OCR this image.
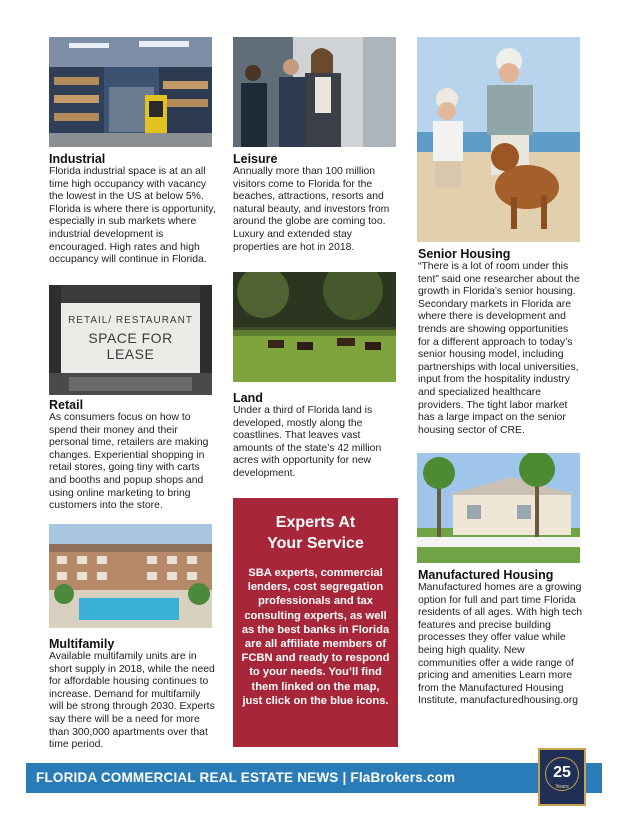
RETAIL/ RESTAURANT
SPACE FOR LEASE

Industrial

Florida industrial space is at an all time high occupancy with vacancy the lowest in the US at below 5%. Florida is where there is opportunity, especially in sub markets where industrial development is encouraged. High rates and high occupancy will continue in Florida.

Leisure

Annually more than 100 million visitors come to Florida for the beaches, attractions, resorts and natural beauty, and investors from around the globe are coming too. Luxury and extended stay properties are hot in 2018.	Senior Housing

“There is a lot of room under this tent” said one researcher about the growth in Florida’s senior housing. Secondary markets in Florida are where there is development and trends are showing opportunities for a different approach to today’s senior housing model, including partnerships with local universities, input from the hospitality industry and specialized healthcare providers. The tight labor market has a large impact on the senior housing sector of CRE.

Retail

As consumers focus on how to spend their money and their personal time, retailers are making changes. Experiential shopping in retail stores, going tiny with carts and booths and popup shops and using online marketing to bring customers into the store.

Land

Under a third of Florida land is developed, mostly along the coastlines. That leaves vast amounts of the state’s 42 million acres with opportunity for new development.

Manufactured Housing

Manufactured homes are a growing option for full and part time Florida residents of all ages. With high tech features and precise building processes they offer value while being high quality. New communities offer a wide range of pricing and amenities Learn more from the Manufactured Housing Institute, manufacturedhousing.org

Multifamily

Available multifamily units are in short supply in 2018, while the need for affordable housing continues to increase. Demand for multifamily will be strong through 2030. Experts say there will be a need for more than 300,000 apartments over that time period.

Experts At
Your Service

SBA experts, commercial lenders, cost segregation professionals and tax consulting experts, as well as the best banks in Florida are all affiliate members of FCBN and ready to respond to your needs. You’ll find them linked on the map, just click on the blue icons.

FLORIDA COMMERCIAL REAL ESTATE NEWS | FlaBrokers.com	25
Years
